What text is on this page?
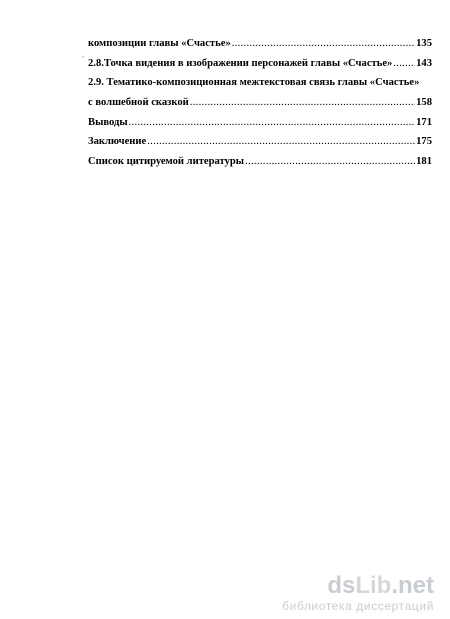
`
композиции главы «Счастье» .....	135
2.8.Точка видения в изображении персонажей главы «Счастье» ..... 143
2.9. Тематико-композиционная межтекстовая связь главы «Счастье»
с волшебной сказкой .....	158
Выводы .....	171
Заключение .....	175
Список цитируемой литературы .....	181
dsLib.net
библиотека диссертаций
